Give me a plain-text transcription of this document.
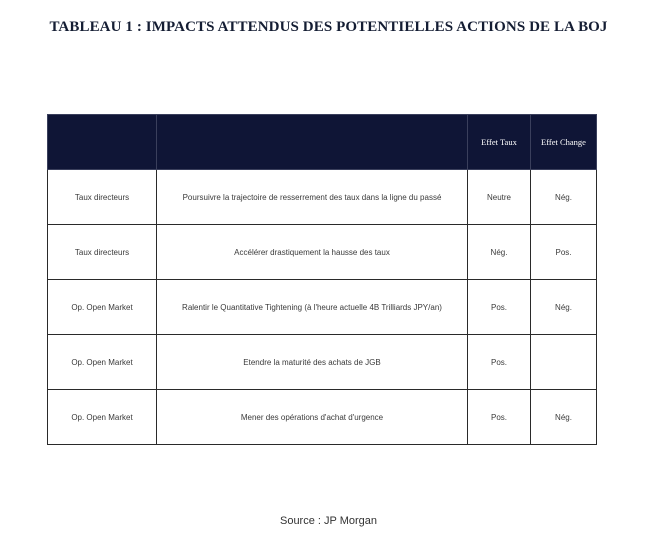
TABLEAU 1 : IMPACTS ATTENDUS DES POTENTIELLES ACTIONS DE LA BOJ
		Effet Taux	Effet Change
Taux directeurs	Poursuivre la trajectoire de resserrement des taux dans la ligne du passé	Neutre	Nég.
Taux directeurs	Accélérer drastiquement la hausse des taux	Nég.	Pos.
Op. Open Market	Ralentir le Quantitative Tightening (à l'heure actuelle 4B Trilliards JPY/an)	Pos.	Nég.
Op. Open Market	Etendre la maturité des achats de JGB	Pos.	
Op. Open Market	Mener des opérations d'achat d'urgence	Pos.	Nég.
Source : JP Morgan
